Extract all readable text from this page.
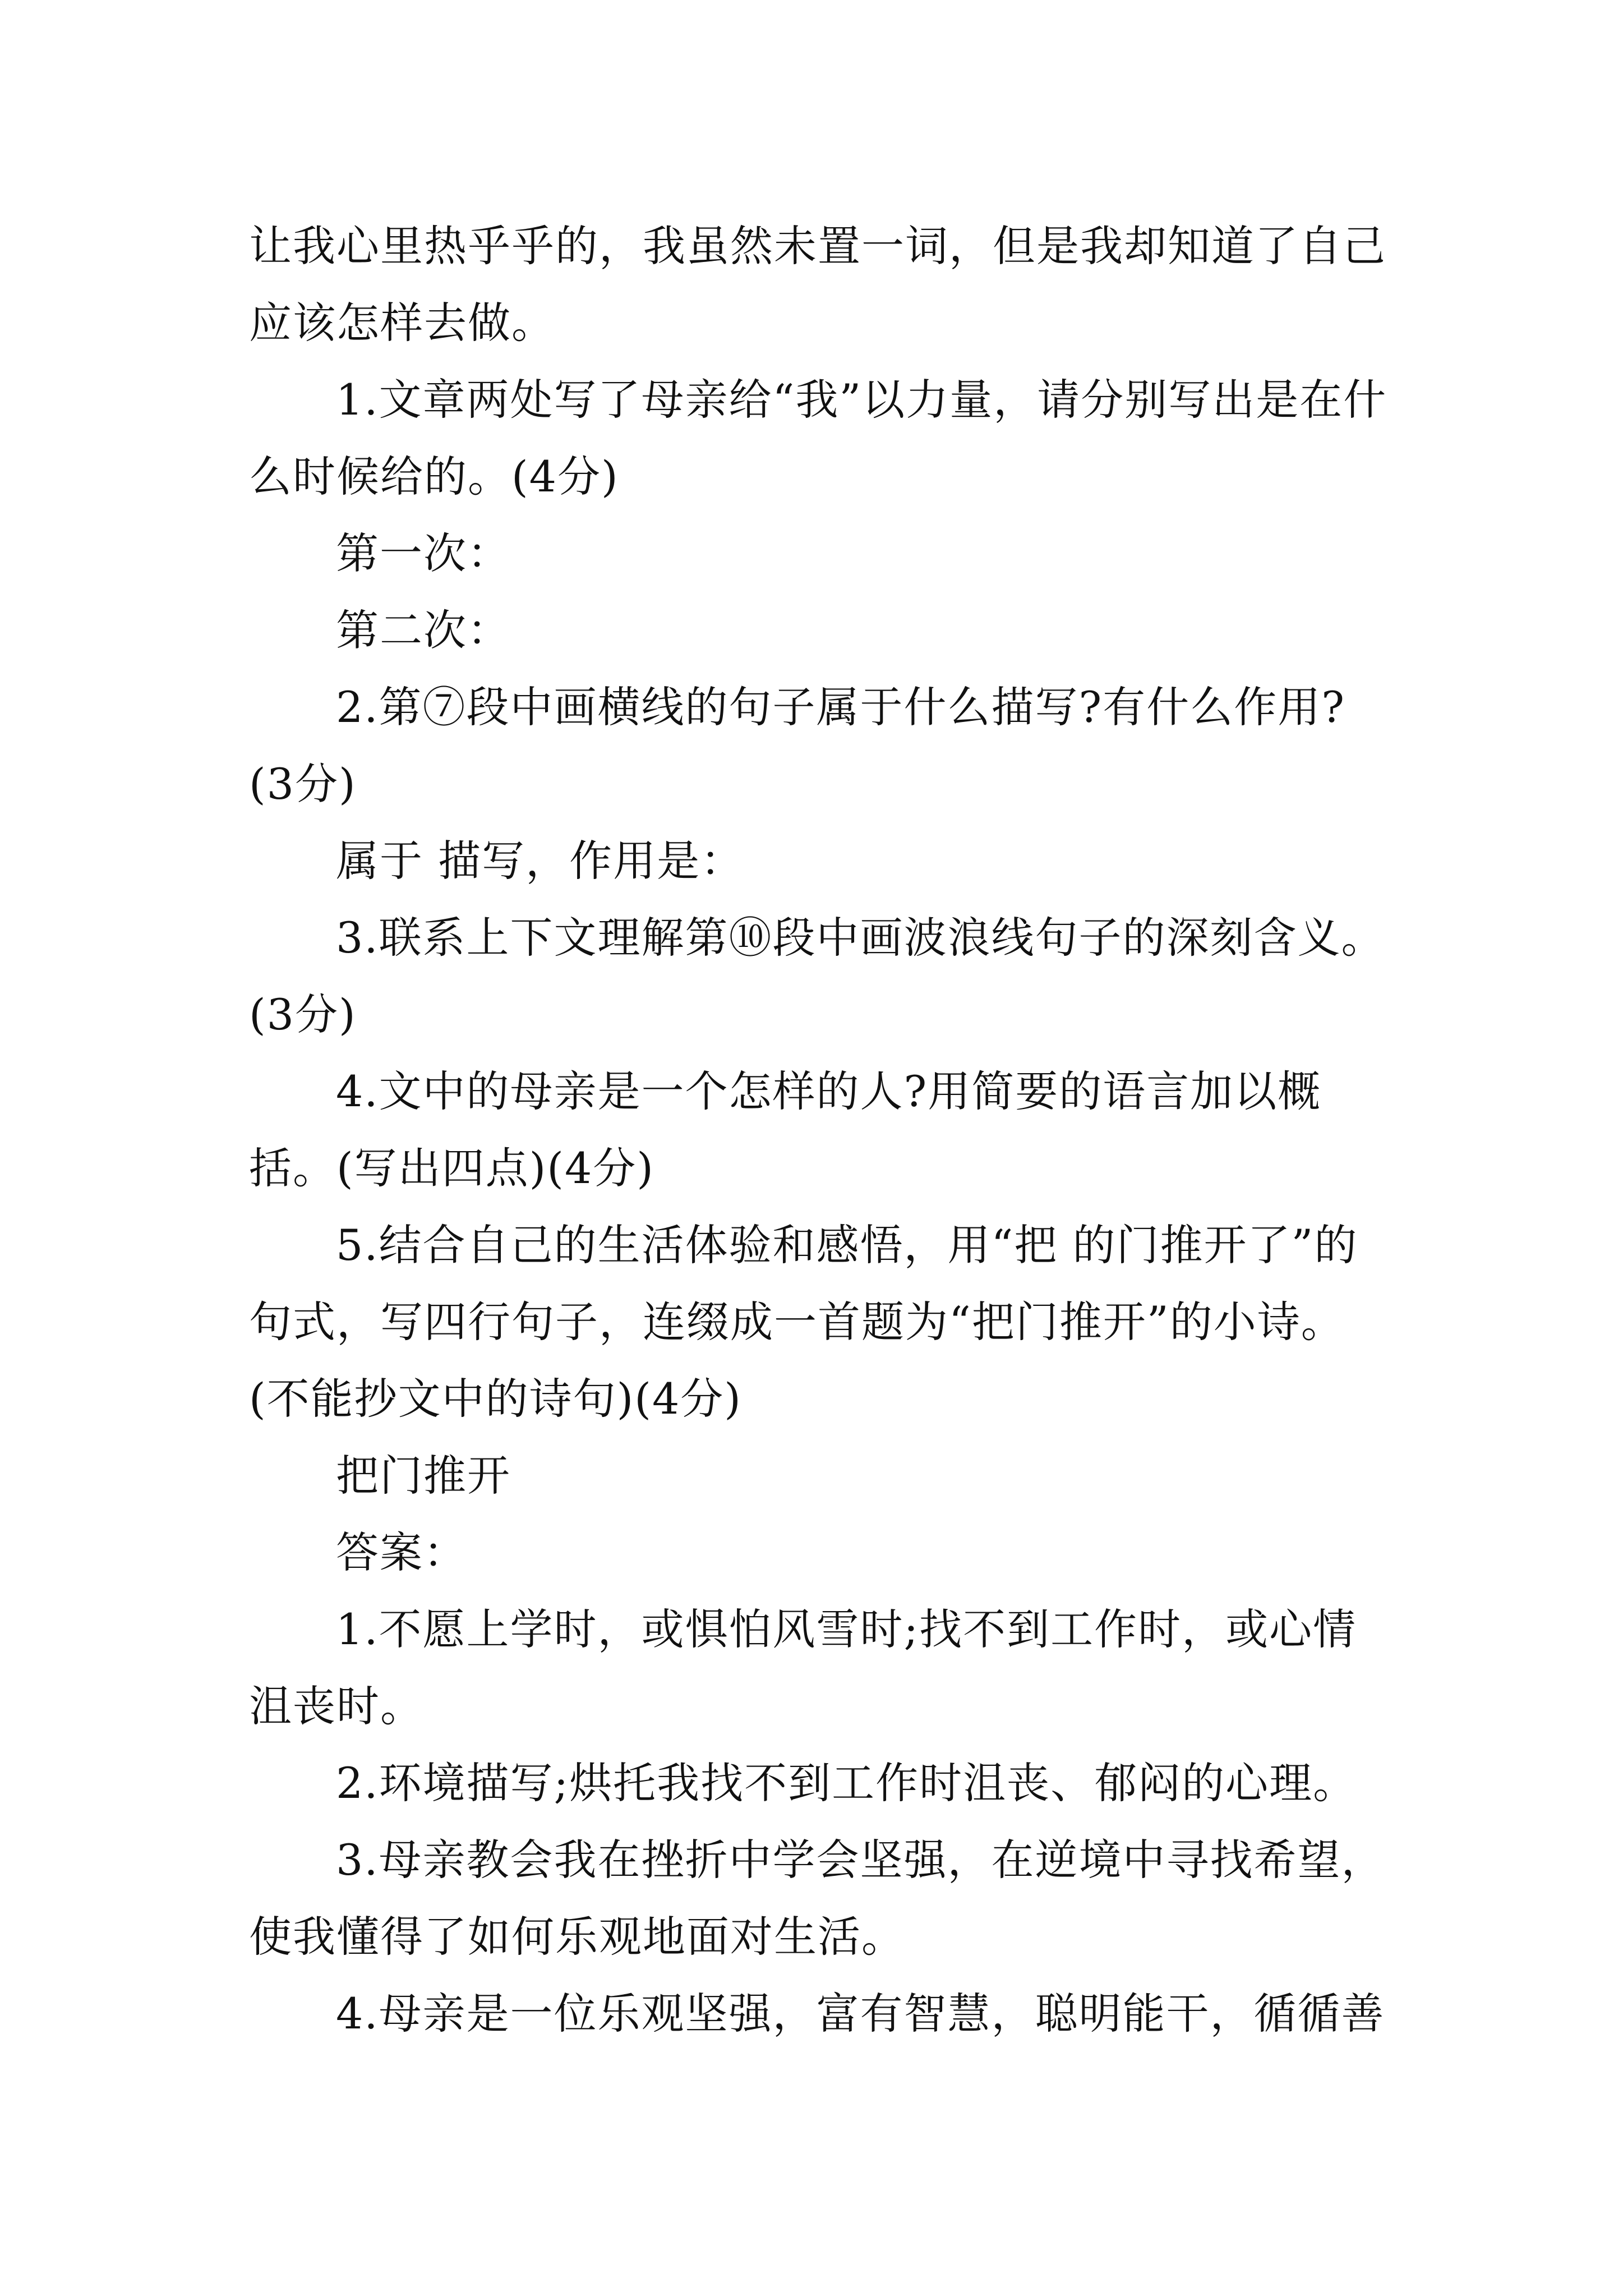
让我心里热乎乎的，我虽然未置一词，但是我却知道了自己应该怎样去做。

1.文章两处写了母亲给“我”以力量，请分别写出是在什么时候给的。(4分)

第一次：

第二次：

2.第⑦段中画横线的句子属于什么描写?有什么作用?(3分)

属于 描写，作用是：

3.联系上下文理解第⑩段中画波浪线句子的深刻含义。(3分)

4.文中的母亲是一个怎样的人?用简要的语言加以概括。(写出四点)(4分)

5.结合自己的生活体验和感悟，用“把 的门推开了”的句式，写四行句子，连缀成一首题为“把门推开”的小诗。(不能抄文中的诗句)(4分)

把门推开

答案：

1.不愿上学时，或惧怕风雪时;找不到工作时，或心情沮丧时。

2.环境描写;烘托我找不到工作时沮丧、郁闷的心理。

3.母亲教会我在挫折中学会坚强，在逆境中寻找希望，使我懂得了如何乐观地面对生活。

4.母亲是一位乐观坚强，富有智慧，聪明能干，循循善
